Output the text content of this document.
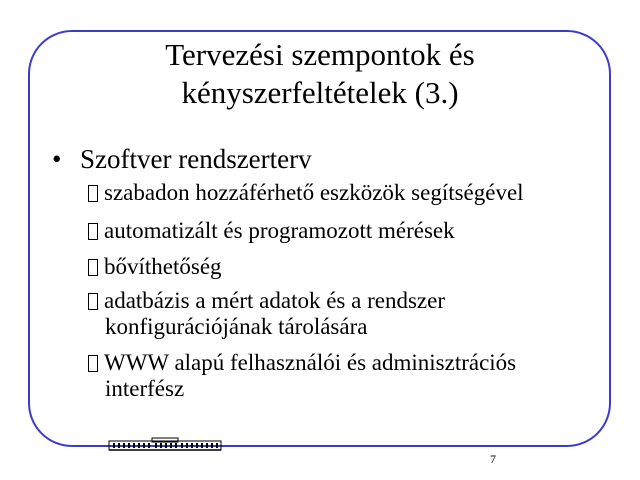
Tervezési szempontok és
kényszerfeltételek (3.)
• Szoftver rendszerterv
szabadon hozzáférhető eszközök segítségével
automatizált és programozott mérések
bővíthetőség
adatbázis a mért adatok és a rendszer
konfigurációjának tárolására
WWW alapú felhasználói és adminisztrációs
interfész
7
